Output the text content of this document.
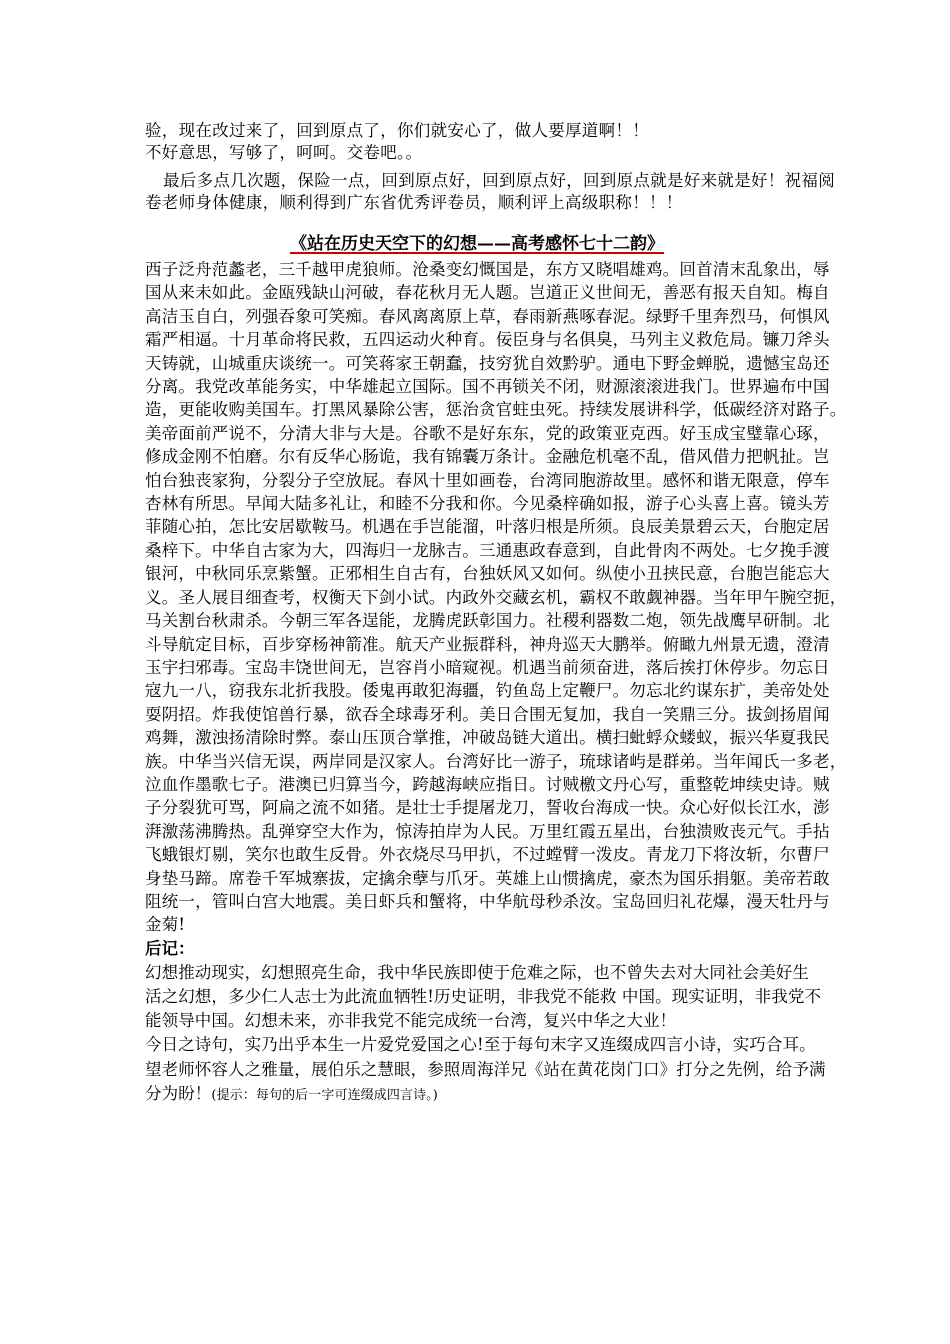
验，现在改过来了，回到原点了，你们就安心了，做人要厚道啊！！
不好意思，写够了，呵呵。交卷吧。。
最后多点几次题，保险一点，回到原点好，回到原点好，回到原点就是好来就是好！祝福阅
卷老师身体健康，顺利得到广东省优秀评卷员，顺利评上高级职称！！！
《站在历史天空下的幻想——高考感怀七十二韵》
西子泛舟范蠡老，三千越甲虎狼师。沧桑变幻慨国是，东方又晓唱雄鸡。回首清末乱象出，辱
国从来未如此。金瓯残缺山河破，春花秋月无人题。岂道正义世间无，善恶有报天自知。梅自
高洁玉自白，列强吞象可笑痴。春风离离原上草，春雨新燕啄春泥。绿野千里奔烈马，何惧风
霜严相逼。十月革命将民救，五四运动火种育。佞臣身与名俱臭，马列主义救危局。镰刀斧头
天铸就，山城重庆谈统一。可笑蒋家王朝蠢，技穷犹自效黔驴。通电下野金蝉脱，遗憾宝岛还
分离。我党改革能务实，中华雄起立国际。国不再锁关不闭，财源滚滚进我门。世界遍布中国
造，更能收购美国车。打黑风暴除公害，惩治贪官蛀虫死。持续发展讲科学，低碳经济对路子。
美帝面前严说不，分清大非与大是。谷歌不是好东东，党的政策亚克西。好玉成宝璧靠心琢，
修成金刚不怕磨。尔有反华心肠诡，我有锦囊万条计。金融危机毫不乱，借风借力把帆扯。岂
怕台独丧家狗，分裂分子空放屁。春风十里如画卷，台湾同胞游故里。感怀和谐无限意，停车
杏林有所思。早闻大陆多礼让，和睦不分我和你。今见桑梓确如报，游子心头喜上喜。镜头芳
菲随心拍，怎比安居歇鞍马。机遇在手岂能溜，叶落归根是所须。良辰美景碧云天，台胞定居
桑梓下。中华自古家为大，四海归一龙脉吉。三通惠政春意到，自此骨肉不两处。七夕挽手渡
银河，中秋同乐烹紫蟹。正邪相生自古有，台独妖风又如何。纵使小丑挟民意，台胞岂能忘大
义。圣人展目细查考，权衡天下剑小试。内政外交藏玄机，霸权不敢觑神器。当年甲午腕空扼，
马关割台秋肃杀。今朝三军各逞能，龙腾虎跃彰国力。社稷利器数二炮，领先战鹰早研制。北
斗导航定目标，百步穿杨神箭准。航天产业振群科，神舟巡天大鹏举。俯瞰九州景无遗，澄清
玉宇扫邪毒。宝岛丰饶世间无，岂容肖小暗窥视。机遇当前须奋进，落后挨打休停步。勿忘日
寇九一八，窃我东北折我股。倭鬼再敢犯海疆，钓鱼岛上定鞭尸。勿忘北约谋东扩，美帝处处
耍阴招。炸我使馆兽行暴，欲吞全球毒牙利。美日合围无复加，我自一笑鼎三分。拔剑扬眉闻
鸡舞，激浊扬清除时弊。泰山压顶合掌推，冲破岛链大道出。横扫蚍蜉众蝼蚁，振兴华夏我民
族。中华当兴信无误，两岸同是汉家人。台湾好比一游子，琉球诸屿是群弟。当年闻氏一多老，
泣血作墨歌七子。港澳已归算当今，跨越海峡应指日。讨贼檄文丹心写，重整乾坤续史诗。贼
子分裂犹可骂，阿扁之流不如猪。是壮士手提屠龙刀，誓收台海成一快。众心好似长江水，澎
湃激荡沸腾热。乱弹穿空大作为，惊涛拍岸为人民。万里红霞五星出，台独溃败丧元气。手拈
飞蛾银灯剔，笑尔也敢生反骨。外衣烧尽马甲扒，不过螳臂一泼皮。青龙刀下将汝斩，尔曹尸
身垫马蹄。席卷千军城寨拔，定擒余孽与爪牙。英雄上山惯擒虎，豪杰为国乐捐躯。美帝若敢
阻统一，管叫白宫大地震。美日虾兵和蟹将，中华航母秒杀汝。宝岛回归礼花爆，漫天牡丹与
金菊!
后记：
幻想推动现实，幻想照亮生命，我中华民族即使于危难之际，也不曾失去对大同社会美好生
活之幻想，多少仁人志士为此流血牺牲!历史证明，非我党不能救 中国。现实证明，非我党不
能领导中国。幻想未来，亦非我党不能完成统一台湾，复兴中华之大业！
今日之诗句，实乃出乎本生一片爱党爱国之心!至于每句末字又连缀成四言小诗，实巧合耳。
望老师怀容人之雅量，展伯乐之慧眼，参照周海洋兄《站在黄花岗门口》打分之先例，给予满
分为盼！(提示：每句的后一字可连缀成四言诗。)
